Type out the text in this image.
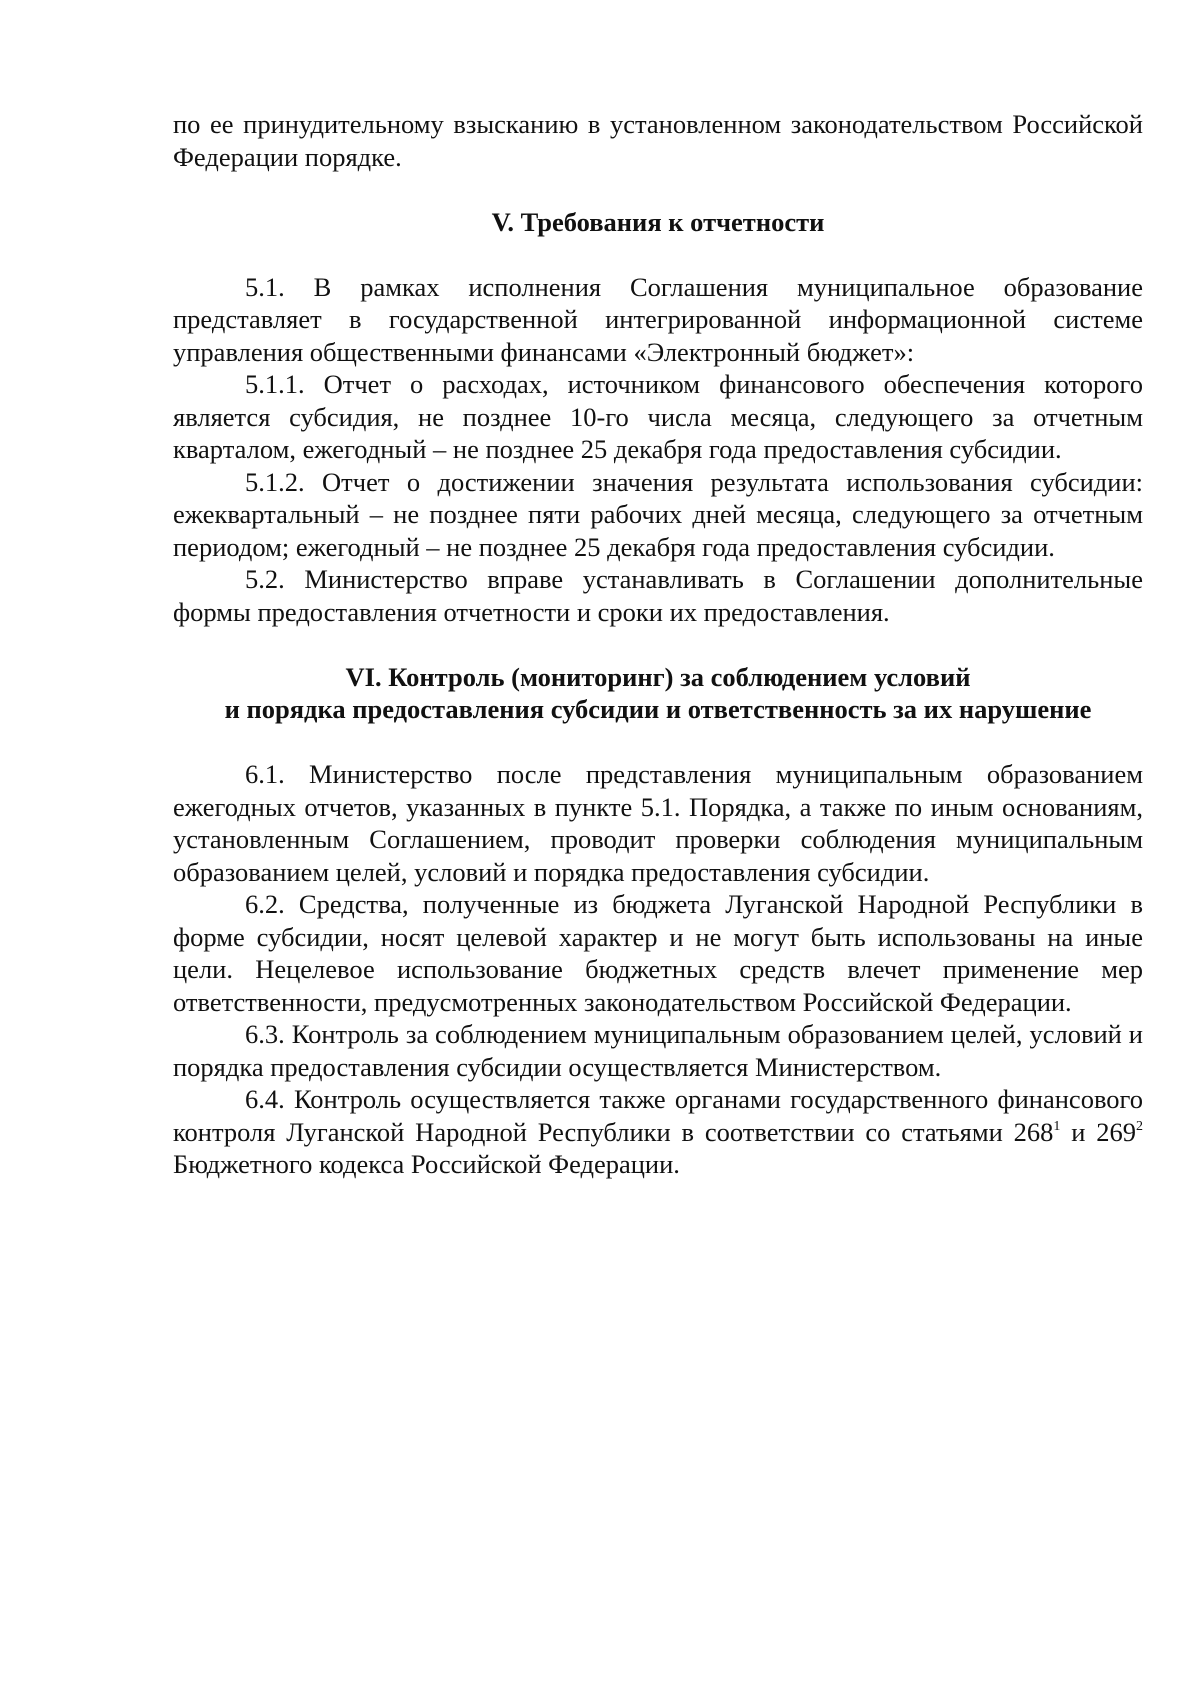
по ее принудительному взысканию в установленном законодательством Российской Федерации порядке.

V. Требования к отчетности

5.1. В рамках исполнения Соглашения муниципальное образование представляет в государственной интегрированной информационной системе управления общественными финансами «Электронный бюджет»:

5.1.1. Отчет о расходах, источником финансового обеспечения которого является субсидия, не позднее 10-го числа месяца, следующего за отчетным кварталом, ежегодный – не позднее 25 декабря года предоставления субсидии.

5.1.2. Отчет о достижении значения результата использования субсидии: ежеквартальный – не позднее пяти рабочих дней месяца, следующего за отчетным периодом; ежегодный – не позднее 25 декабря года предоставления субсидии.

5.2. Министерство вправе устанавливать в Соглашении дополнительные формы предоставления отчетности и сроки их предоставления.

VI. Контроль (мониторинг) за соблюдением условий
и порядка предоставления субсидии и ответственность за их нарушение

6.1. Министерство после представления муниципальным образованием ежегодных отчетов, указанных в пункте 5.1. Порядка, а также по иным основаниям, установленным Соглашением, проводит проверки соблюдения муниципальным образованием целей, условий и порядка предоставления субсидии.

6.2. Средства, полученные из бюджета Луганской Народной Республики в форме субсидии, носят целевой характер и не могут быть использованы на иные цели. Нецелевое использование бюджетных средств влечет применение мер ответственности, предусмотренных законодательством Российской Федерации.

6.3. Контроль за соблюдением муниципальным образованием целей, условий и порядка предоставления субсидии осуществляется Министерством.

6.4. Контроль осуществляется также органами государственного финансового контроля Луганской Народной Республики в соответствии со статьями $268^1$ и $269^2$ Бюджетного кодекса Российской Федерации.
